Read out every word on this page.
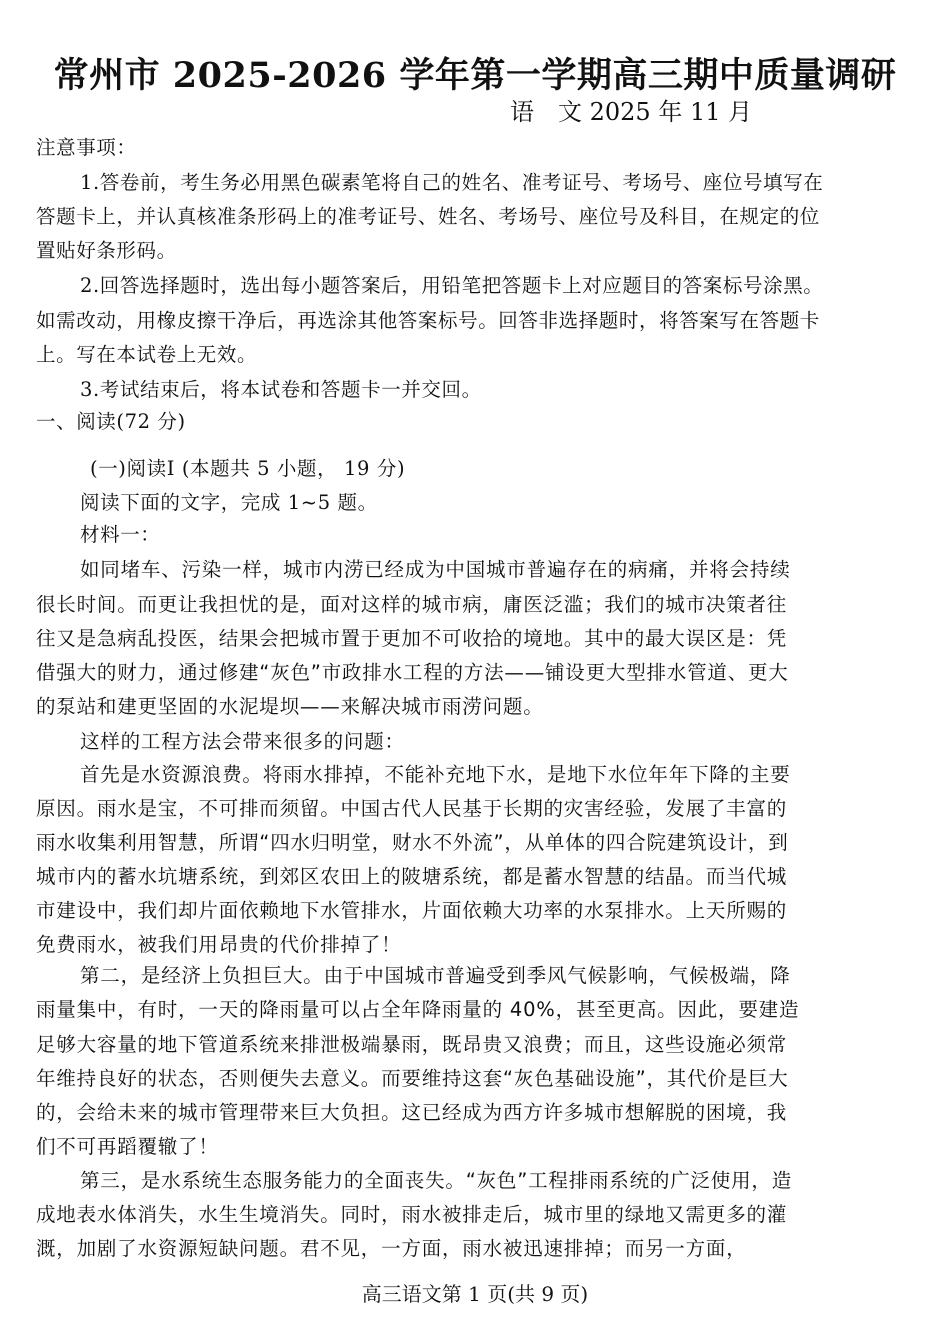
常州市 2025-2026 学年第一学期高三期中质量调研
语　文 2025 年 11 月
注意事项：
1.答卷前，考生务必用黑色碳素笔将自己的姓名、准考证号、考场号、座位号填写在
答题卡上，并认真核准条形码上的准考证号、姓名、考场号、座位号及科目，在规定的位
置贴好条形码。
2.回答选择题时，选出每小题答案后，用铅笔把答题卡上对应题目的答案标号涂黑。
如需改动，用橡皮擦干净后，再选涂其他答案标号。回答非选择题时，将答案写在答题卡
上。写在本试卷上无效。
3.考试结束后，将本试卷和答题卡一并交回。
一、阅读(72 分)
(一)阅读I (本题共 5 小题， 19 分)
阅读下面的文字，完成 1~5 题。
材料一：
如同堵车、污染一样，城市内涝已经成为中国城市普遍存在的病痛，并将会持续
很长时间。而更让我担忧的是，面对这样的城市病，庸医泛滥；我们的城市决策者往
往又是急病乱投医，结果会把城市置于更加不可收拾的境地。其中的最大误区是：凭
借强大的财力，通过修建“灰色”市政排水工程的方法——铺设更大型排水管道、更大
的泵站和建更坚固的水泥堤坝——来解决城市雨涝问题。
这样的工程方法会带来很多的问题：
首先是水资源浪费。将雨水排掉，不能补充地下水，是地下水位年年下降的主要
原因。雨水是宝，不可排而须留。中国古代人民基于长期的灾害经验，发展了丰富的
雨水收集利用智慧，所谓“四水归明堂，财水不外流”，从单体的四合院建筑设计，到
城市内的蓄水坑塘系统，到郊区农田上的陂塘系统，都是蓄水智慧的结晶。而当代城
市建设中，我们却片面依赖地下水管排水，片面依赖大功率的水泵排水。上天所赐的
免费雨水，被我们用昂贵的代价排掉了！
第二，是经济上负担巨大。由于中国城市普遍受到季风气候影响，气候极端，降
雨量集中，有时，一天的降雨量可以占全年降雨量的 40%，甚至更高。因此，要建造
足够大容量的地下管道系统来排泄极端暴雨，既昂贵又浪费；而且，这些设施必须常
年维持良好的状态，否则便失去意义。而要维持这套“灰色基础设施”，其代价是巨大
的，会给未来的城市管理带来巨大负担。这已经成为西方许多城市想解脱的困境，我
们不可再蹈覆辙了！
第三，是水系统生态服务能力的全面丧失。“灰色”工程排雨系统的广泛使用，造
成地表水体消失，水生生境消失。同时，雨水被排走后，城市里的绿地又需更多的灌
溉，加剧了水资源短缺问题。君不见，一方面，雨水被迅速排掉；而另一方面，
高三语文第 1 页(共 9 页)
